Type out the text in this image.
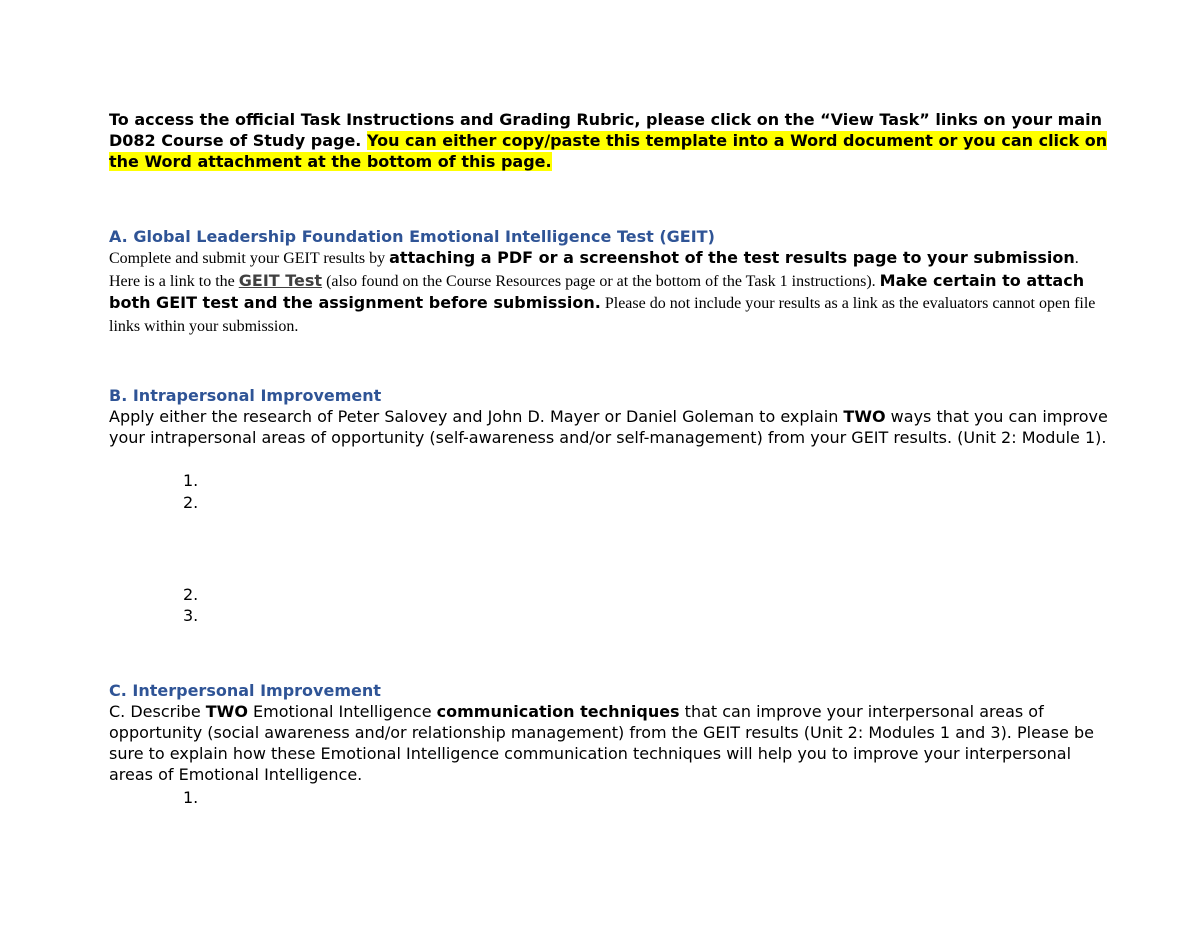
To access the official Task Instructions and Grading Rubric, please click on the “View Task” links on your main D082 Course of Study page. You can either copy/paste this template into a Word document or you can click on the Word attachment at the bottom of this page.
A. Global Leadership Foundation Emotional Intelligence Test (GEIT)
Complete and submit your GEIT results by attaching a PDF or a screenshot of the test results page to your submission. Here is a link to the GEIT Test (also found on the Course Resources page or at the bottom of the Task 1 instructions). Make certain to attach both GEIT test and the assignment before submission. Please do not include your results as a link as the evaluators cannot open file links within your submission.
B. Intrapersonal Improvement
Apply either the research of Peter Salovey and John D. Mayer or Daniel Goleman to explain TWO ways that you can improve your intrapersonal areas of opportunity (self-awareness and/or self-management) from your GEIT results. (Unit 2: Module 1).
1.
2.
2.
3.
C. Interpersonal Improvement
C. Describe TWO Emotional Intelligence communication techniques that can improve your interpersonal areas of opportunity (social awareness and/or relationship management) from the GEIT results (Unit 2: Modules 1 and 3). Please be sure to explain how these Emotional Intelligence communication techniques will help you to improve your interpersonal areas of Emotional Intelligence.
1.
